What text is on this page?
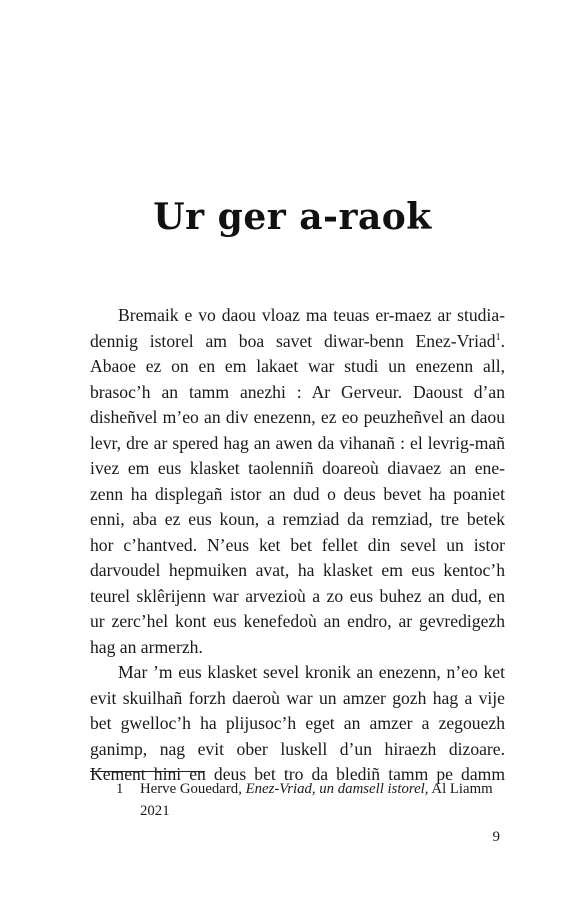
Ur ger a-raok
Bremaik e vo daou vloaz ma teuas er-maez ar studia-
dennig istorel am boa savet diwar-benn Enez-Vriad$^1$.
Abaoe ez on en em lakaet war studi un enezenn all,
brasoc’h an tamm anezhi : Ar Gerveur. Daoust d’an
disheñvel m’eo an div enezenn, ez eo peuzheñvel an daou
levr, dre ar spered hag an awen da vihanañ : el levrig-mañ
ivez em eus klasket taolenniñ doareoù diavaez an ene-
zenn ha displegañ istor an dud o deus bevet ha poaniet
enni, aba ez eus koun, a remziad da remziad, tre betek
hor c’hantved. N’eus ket bet fellet din sevel un istor
darvoudel hepmuiken avat, ha klasket em eus kentoc’h
teurel sklêrijenn war arvezioù a zo eus buhez an dud, en
ur zerc’hel kont eus kenefedoù an endro, ar gevredigezh
hag an armerzh.
Mar ’m eus klasket sevel kronik an enezenn, n’eo ket
evit skuilhañ forzh daeroù war un amzer gozh hag a vije
bet gwelloc’h ha plijusoc’h eget an amzer a zegouezh
ganimp, nag evit ober luskell d’un hiraezh dizoare.
Kement hini en deus bet tro da blediñ tamm pe damm
1 Herve Gouedard, Enez-Vriad, un damsell istorel, Al Liamm
2021
9
